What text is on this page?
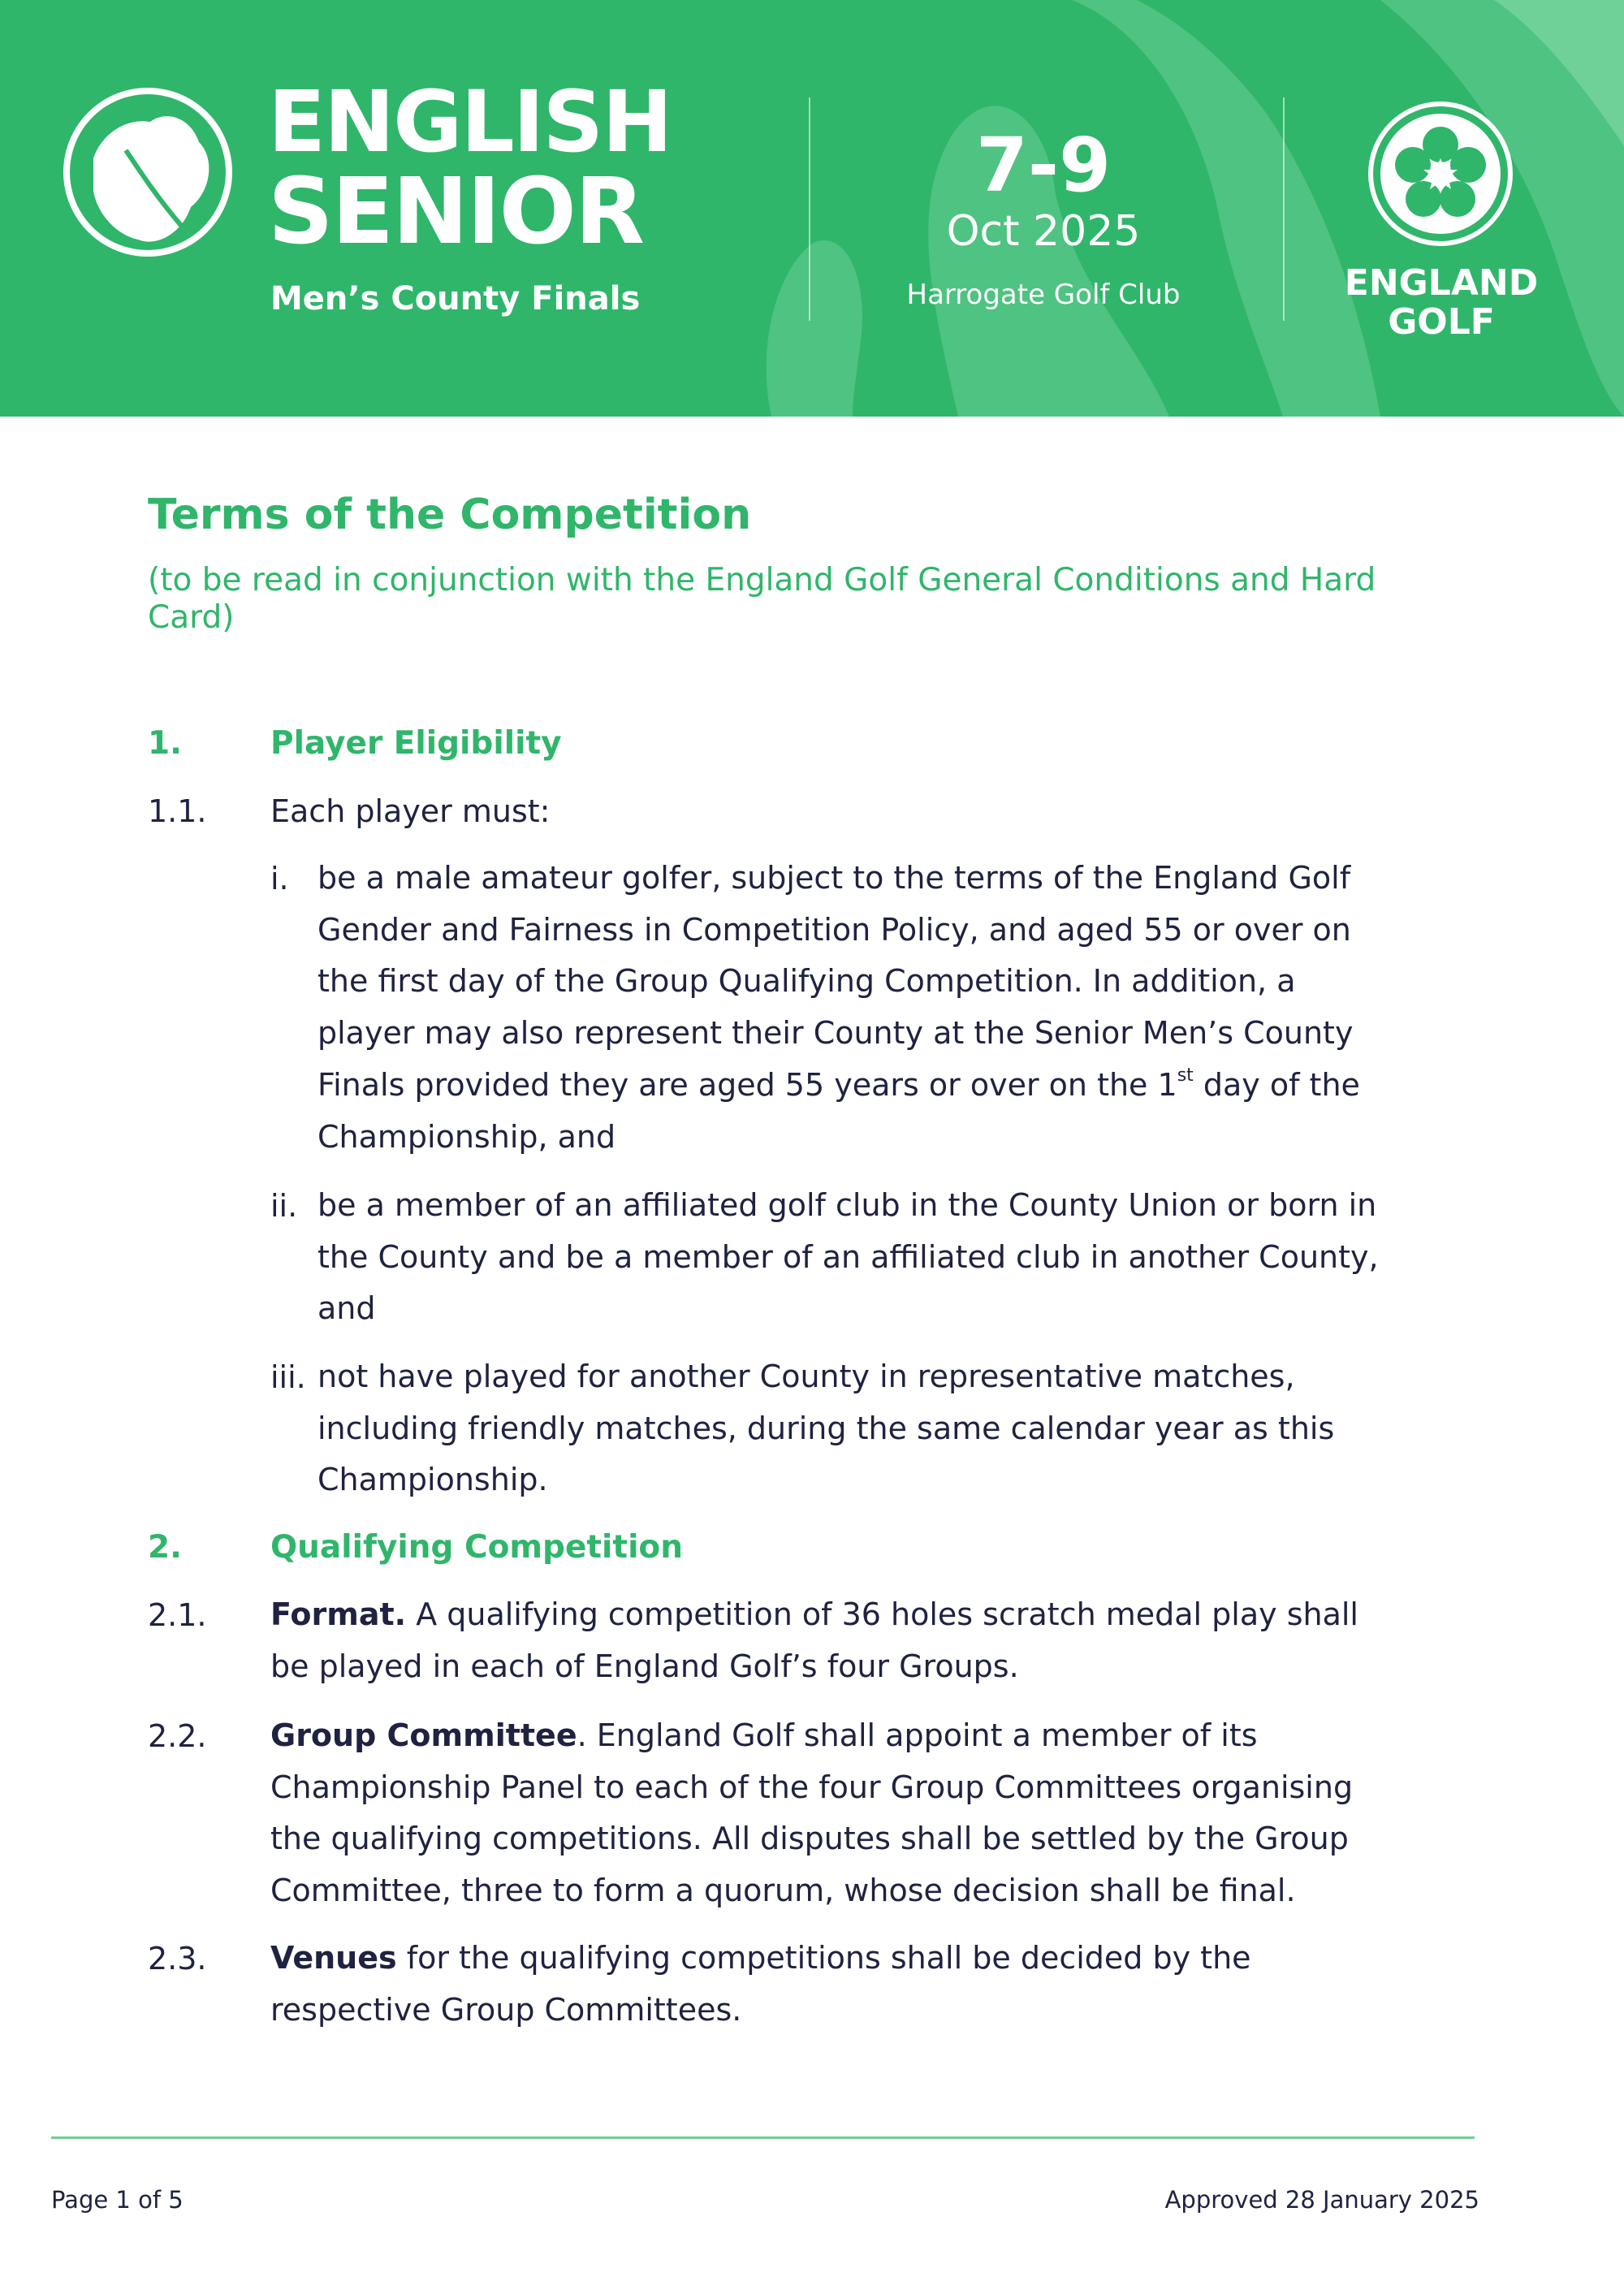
ENGLISH
SENIOR
Men’s County Finals
7-9
Oct 2025
Harrogate Golf Club	ENGLAND
GOLF
Terms of the Competition
(to be read in conjunction with the England Golf General Conditions and Hard
Card)
1.	Player Eligibility
1.1. Each player must:
i. be a male amateur golfer, subject to the terms of the England Golf
Gender and Fairness in Competition Policy, and aged 55 or over on
the first day of the Group Qualifying Competition. In addition, a
player may also represent their County at the Senior Men’s County
Finals provided they are aged 55 years or over on the 1st day of the
Championship, and
ii. be a member of an affiliated golf club in the County Union or born in
the County and be a member of an affiliated club in another County,
and
iii. not have played for another County in representative matches,
including friendly matches, during the same calendar year as this
Championship.
2.	Qualifying Competition
2.1. Format. A qualifying competition of 36 holes scratch medal play shall
be played in each of England Golf’s four Groups.
2.2. Group Committee. England Golf shall appoint a member of its
Championship Panel to each of the four Group Committees organising
the qualifying competitions. All disputes shall be settled by the Group
Committee, three to form a quorum, whose decision shall be final.
2.3. Venues for the qualifying competitions shall be decided by the
respective Group Committees.
Page 1 of 5	Approved 28 January 2025
